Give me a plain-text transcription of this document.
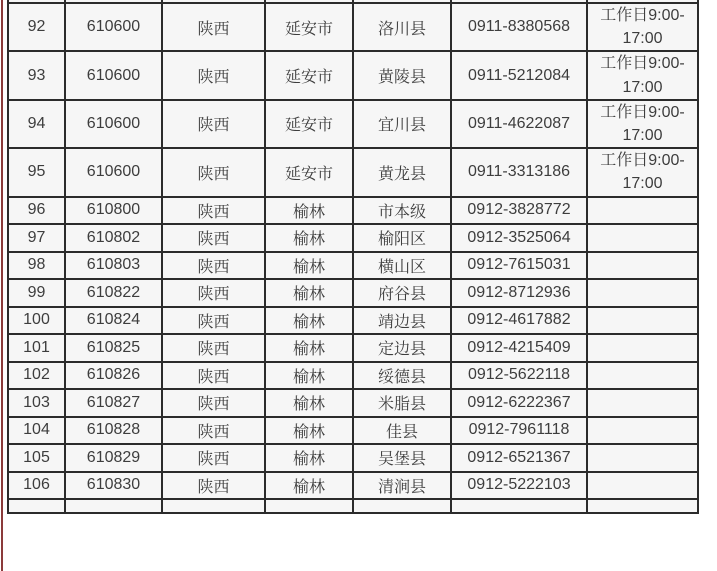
92	610600	陕西	延安市	洛川县	0911-8380568	工作日9:00-17:00
93	610600	陕西	延安市	黄陵县	0911-5212084	工作日9:00-17:00
94	610600	陕西	延安市	宜川县	0911-4622087	工作日9:00-17:00
95	610600	陕西	延安市	黄龙县	0911-3313186	工作日9:00-17:00
96	610800	陕西	榆林	市本级	0912-3828772	
97	610802	陕西	榆林	榆阳区	0912-3525064	
98	610803	陕西	榆林	横山区	0912-7615031	
99	610822	陕西	榆林	府谷县	0912-8712936	
100	610824	陕西	榆林	靖边县	0912-4617882	
101	610825	陕西	榆林	定边县	0912-4215409	
102	610826	陕西	榆林	绥德县	0912-5622118	
103	610827	陕西	榆林	米脂县	0912-6222367	
104	610828	陕西	榆林	佳县	0912-7961118	
105	610829	陕西	榆林	吴堡县	0912-6521367	
106	610830	陕西	榆林	清涧县	0912-5222103	
